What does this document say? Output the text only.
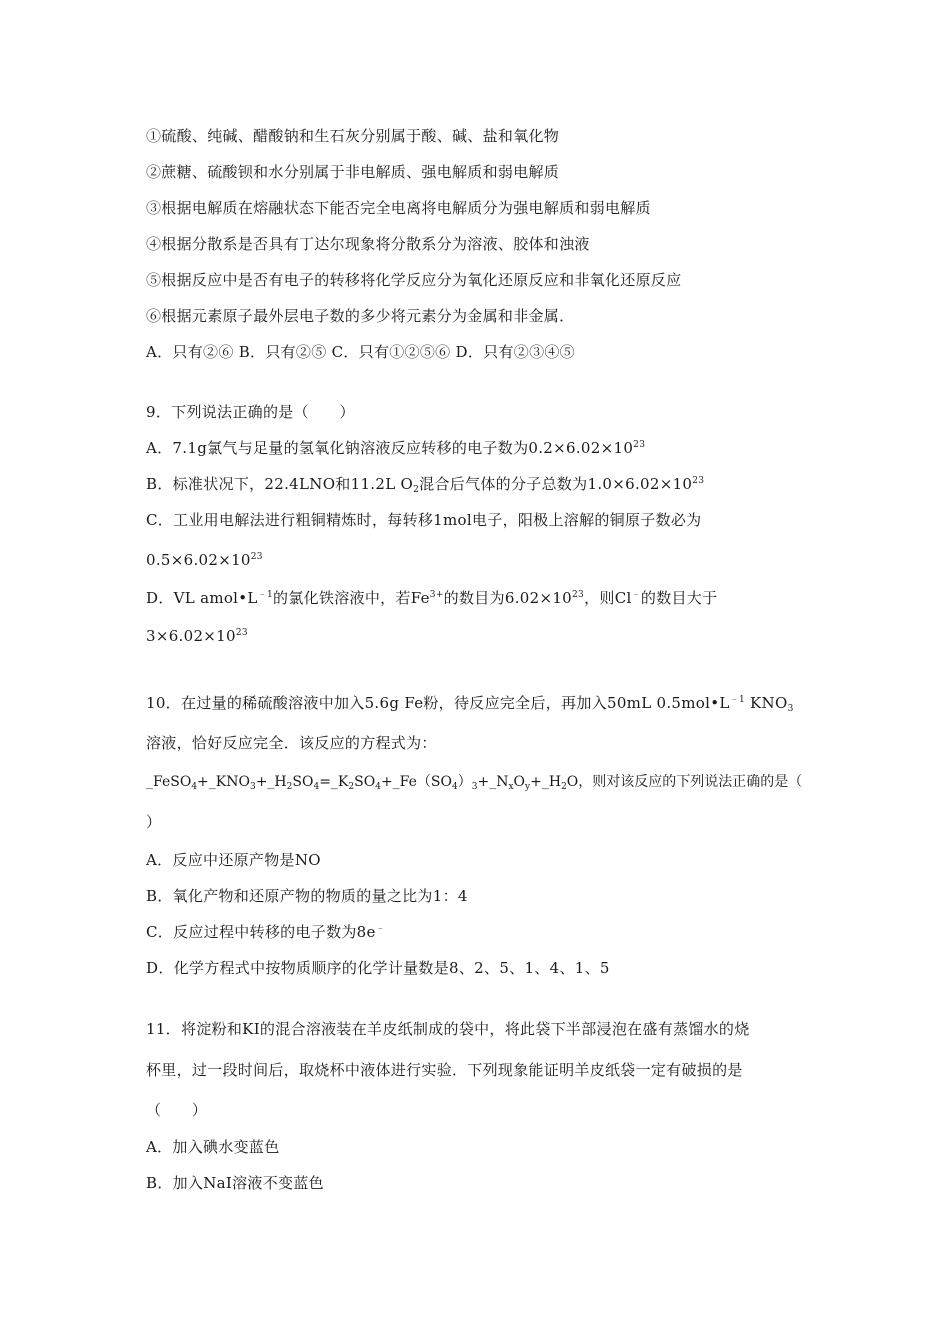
①硫酸、纯碱、醋酸钠和生石灰分别属于酸、碱、盐和氧化物
②蔗糖、硫酸钡和水分别属于非电解质、强电解质和弱电解质
③根据电解质在熔融状态下能否完全电离将电解质分为强电解质和弱电解质
④根据分散系是否具有丁达尔现象将分散系分为溶液、胶体和浊液
⑤根据反应中是否有电子的转移将化学反应分为氧化还原反应和非氧化还原反应
⑥根据元素原子最外层电子数的多少将元素分为金属和非金属．
A．只有②⑥ B．只有②⑤ C．只有①②⑤⑥ D．只有②③④⑤
9．下列说法正确的是（　　）
A．7.1g氯气与足量的氢氧化钠溶液反应转移的电子数为$0.2\times 6.02\times 10^{23}$
B．标准状况下，22.4LNO和11.2L $O_2$混合后气体的分子总数为$1.0\times 6.02\times 10^{23}$
C．工业用电解法进行粗铜精炼时，每转移1mol电子，阳极上溶解的铜原子数必为
$0.5\times 6.02\times 10^{23}$
D．VL $amol•L^{﹣1}$的氯化铁溶液中，若$Fe^{3+}$的数目为$6.02\times 10^{23}$，则Cl﹣的数目大于
$3\times 6.02\times 10^{23}$
10．在过量的稀硫酸溶液中加入5.6g Fe粉，待反应完全后，再加入50mL $0.5mol•L^{﹣1}$ $KNO_3$
溶液，恰好反应完全．该反应的方程式为：
$\_FeSO_4+\_KNO_3+\_H_2SO_4=\_K_2SO_4+\_Fe(SO_4)_3+\_N_xO_y+\_H_2O$，则对该反应的下列说法正确的是（
）
A．反应中还原产物是NO
B．氧化产物和还原产物的物质的量之比为1：4
C．反应过程中转移的电子数为8e﹣
D．化学方程式中按物质顺序的化学计量数是8、2、5、1、4、1、5
11．将淀粉和KI的混合溶液装在羊皮纸制成的袋中，将此袋下半部浸泡在盛有蒸馏水的烧
杯里，过一段时间后，取烧杯中液体进行实验．下列现象能证明羊皮纸袋一定有破损的是
（　　）
A．加入碘水变蓝色
B．加入NaI溶液不变蓝色
